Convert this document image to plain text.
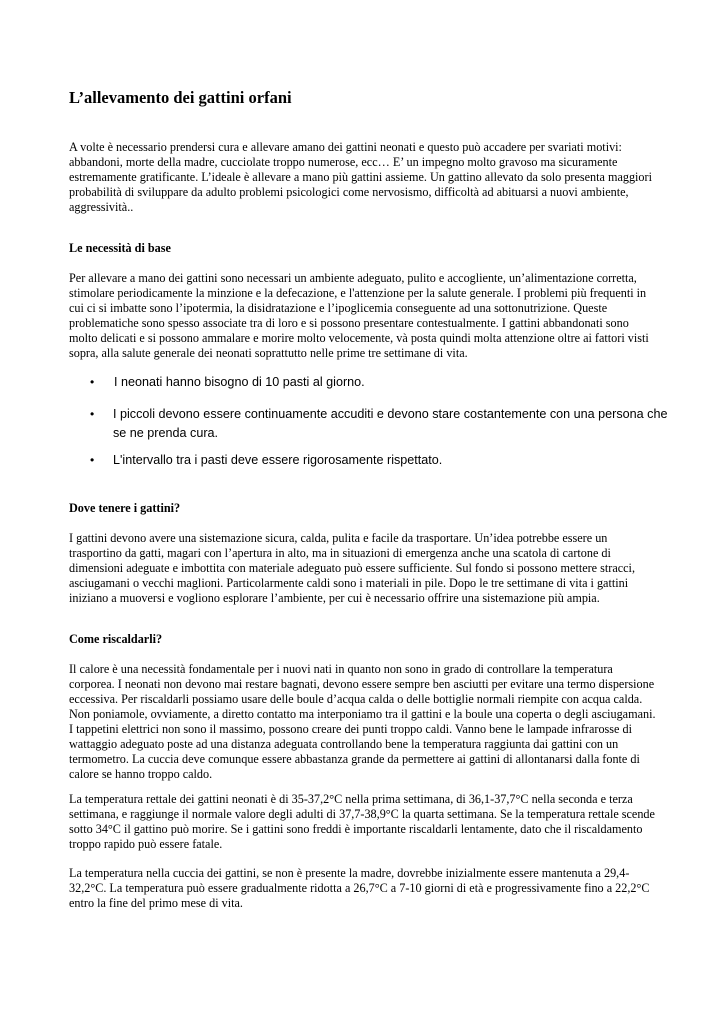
L’allevamento dei gattini orfani

A volte è necessario prendersi cura e allevare amano dei gattini neonati e questo può accadere per svariati motivi:
abbandoni, morte della madre, cucciolate troppo numerose, ecc… E’ un impegno molto gravoso ma sicuramente
estremamente gratificante. L’ideale è allevare a mano più gattini assieme. Un gattino allevato da solo presenta maggiori
probabilità di sviluppare da adulto problemi psicologici come nervosismo, difficoltà ad abituarsi a nuovi ambiente,
aggressività..

Le necessità di base

Per allevare a mano dei gattini sono necessari un ambiente adeguato, pulito e accogliente, un’alimentazione corretta,
stimolare periodicamente la minzione e la defecazione, e l'attenzione per la salute generale. I problemi più frequenti in
cui ci si imbatte sono l’ipotermia, la disidratazione e l’ipoglicemia conseguente ad una sottonutrizione. Queste
problematiche sono spesso associate tra di loro e si possono presentare contestualmente. I gattini abbandonati sono
molto delicati e si possono ammalare e morire molto velocemente, và posta quindi molta attenzione oltre ai fattori visti
sopra, alla salute generale dei neonati soprattutto nelle prime tre settimane di vita.

• I neonati hanno bisogno di 10 pasti al giorno.
• I piccoli devono essere continuamente accuditi e devono stare costantemente con una persona che
se ne prenda cura.
• L'intervallo tra i pasti deve essere rigorosamente rispettato.
Dove tenere i gattini?

I gattini devono avere una sistemazione sicura, calda, pulita e facile da trasportare. Un’idea potrebbe essere un
trasportino da gatti, magari con l’apertura in alto, ma in situazioni di emergenza anche una scatola di cartone di
dimensioni adeguate e imbottita con materiale adeguato può essere sufficiente. Sul fondo si possono mettere stracci,
asciugamani o vecchi maglioni. Particolarmente caldi sono i materiali in pile. Dopo le tre settimane di vita i gattini
iniziano a muoversi e vogliono esplorare l’ambiente, per cui è necessario offrire una sistemazione più ampia.

Come riscaldarli?

Il calore è una necessità fondamentale per i nuovi nati in quanto non sono in grado di controllare la temperatura
corporea. I neonati non devono mai restare bagnati, devono essere sempre ben asciutti per evitare una termo dispersione
eccessiva. Per riscaldarli possiamo usare delle boule d’acqua calda o delle bottiglie normali riempite con acqua calda.
Non poniamole, ovviamente, a diretto contatto ma interponiamo tra il gattini e la boule una coperta o degli asciugamani.
I tappetini elettrici non sono il massimo, possono creare dei punti troppo caldi. Vanno bene le lampade infrarosse di
wattaggio adeguato poste ad una distanza adeguata controllando bene la temperatura raggiunta dai gattini con un
termometro. La cuccia deve comunque essere abbastanza grande da permettere ai gattini di allontanarsi dalla fonte di
calore se hanno troppo caldo.

La temperatura rettale dei gattini neonati è di 35-37,2°C nella prima settimana, di 36,1-37,7°C nella seconda e terza
settimana, e raggiunge il normale valore degli adulti di 37,7-38,9°C la quarta settimana. Se la temperatura rettale scende
sotto 34°C il gattino può morire. Se i gattini sono freddi è importante riscaldarli lentamente, dato che il riscaldamento
troppo rapido può essere fatale.

La temperatura nella cuccia dei gattini, se non è presente la madre, dovrebbe inizialmente essere mantenuta a 29,4-
32,2°C. La temperatura può essere gradualmente ridotta a 26,7°C a 7-10 giorni di età e progressivamente fino a 22,2°C
entro la fine del primo mese di vita.
